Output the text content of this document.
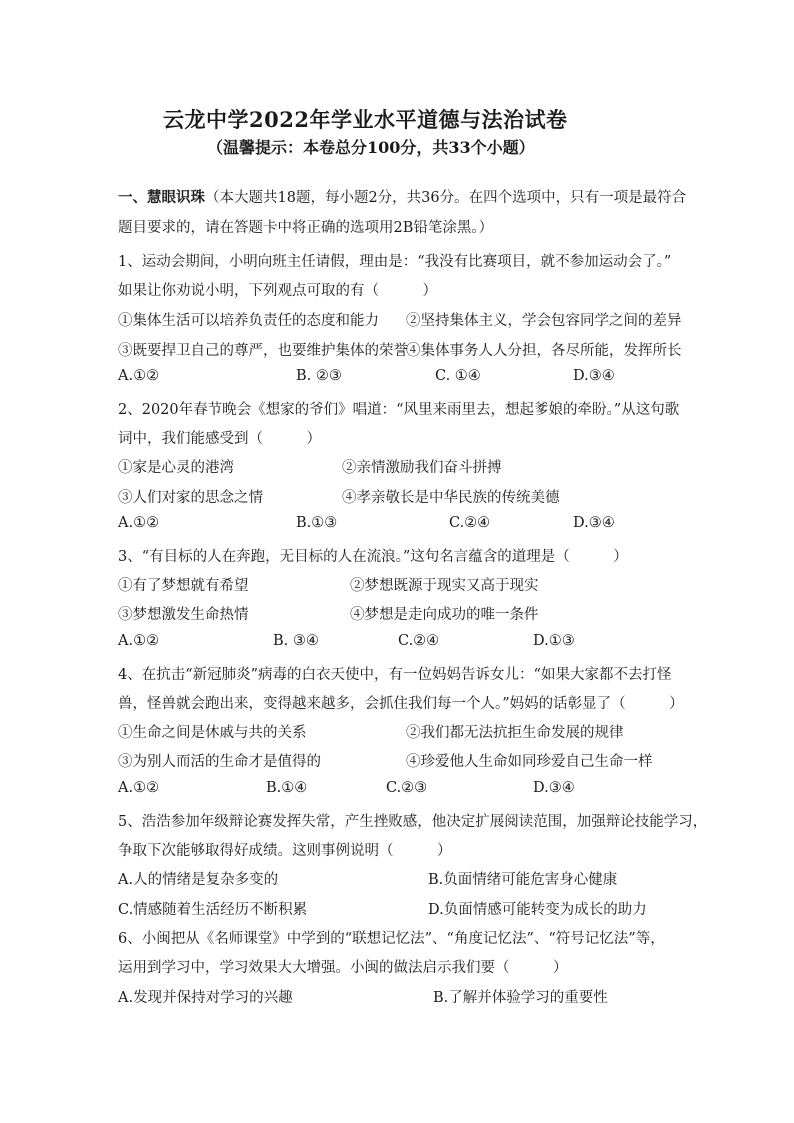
云龙中学2022年学业水平道德与法治试卷
（温馨提示：本卷总分100分，共33个小题）
一、慧眼识珠（本大题共18题，每小题2分，共36分。在四个选项中，只有一项是最符合
题目要求的，请在答题卡中将正确的选项用2B铅笔涂黑。）
1、运动会期间，小明向班主任请假，理由是：“我没有比赛项目，就不参加运动会了。”
如果让你劝说小明，下列观点可取的有（　　　）
①集体生活可以培养负责任的态度和能力 ②坚持集体主义，学会包容同学之间的差异
③既要捍卫自己的尊严，也要维护集体的荣誉
④集体事务人人分担，各尽所能，发挥所长
A.①②	B. ②③	C. ①④	D.③④
2、2020年春节晚会《想家的爷们》唱道：“风里来雨里去，想起爹娘的牵盼。”从这句歌
词中，我们能感受到（　　　）
①家是心灵的港湾	②亲情激励我们奋斗拼搏
③人们对家的思念之情	④孝亲敬长是中华民族的传统美德
A.①②	B.①③	C.②④	D.③④
3、“有目标的人在奔跑，无目标的人在流浪。”这句名言蕴含的道理是（　　　）
①有了梦想就有希望	②梦想既源于现实又高于现实
③梦想激发生命热情	④梦想是走向成功的唯一条件
A.①②	B. ③④	C.②④	D.①③
4、在抗击“新冠肺炎”病毒的白衣天使中，有一位妈妈告诉女儿：“如果大家都不去打怪
兽，怪兽就会跑出来，变得越来越多，会抓住我们每一个人。”妈妈的话彰显了（　　　）
①生命之间是休戚与共的关系	②我们都无法抗拒生命发展的规律
③为别人而活的生命才是值得的	④珍爱他人生命如同珍爱自己生命一样
A.①②	B.①④	C.②③	D.③④
5、浩浩参加年级辩论赛发挥失常，产生挫败感，他决定扩展阅读范围，加强辩论技能学习，
争取下次能够取得好成绩。这则事例说明（　　　）
A.人的情绪是复杂多变的	B.负面情绪可能危害身心健康
C.情感随着生活经历不断积累	D.负面情感可能转变为成长的助力
6、小闽把从《名师课堂》中学到的“联想记忆法”、“角度记忆法”、“符号记忆法”等，
运用到学习中，学习效果大大增强。小闽的做法启示我们要（　　　）
A.发现并保持对学习的兴趣	B.了解并体验学习的重要性
